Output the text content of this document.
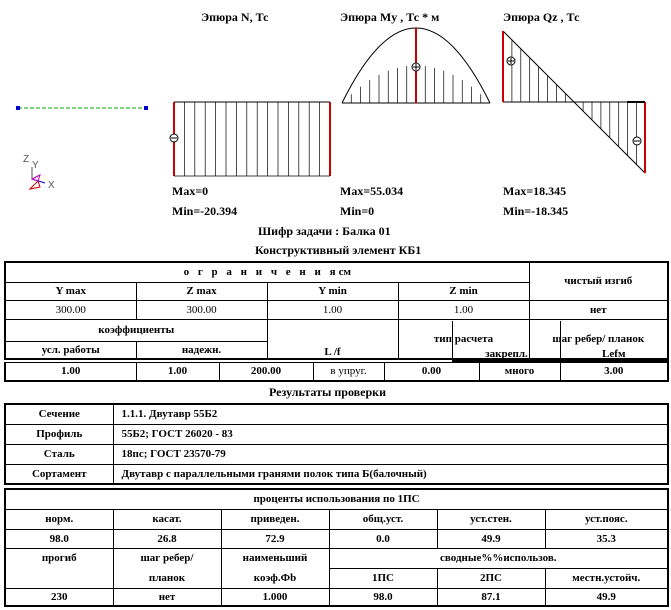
Z
Y
X
Эпюра N, Тс	Эпюра My , Тс * м	Эпюра Qz , Тс
Max=0
Min=-20.394
Max=55.034
Min=0
Max=18.345
Min=-18.345
Шифр задачи : Балка 01
Конструктивный элемент КБ1
о г р а н и ч е н и ясм				чистый изгиб
Y max	Z max	Y min	Z min	
300.00	300.00	1.00	1.00	нет
коэффициенты		L /f	тип расчета	шаг ребер/ планок
усл. работы	надежн.				закрепл.	Lefм
1.00	1.00	200.00	в упруг.	0.00	много	3.00
Результаты проверки
Сечение	1.1.1. Двутавр 55Б2
Профиль	55Б2; ГОСТ 26020 - 83
Сталь	18пс; ГОСТ 23570-79
Сортамент	Двутавр с параллельными гранями полок типа Б(балочный)
проценты использования по 1ПС					
норм.	касат.	приведен.	общ.уст.	уст.стен.	уст.пояс.
98.0	26.8	72.9	0.0	49.9	35.3
прогиб	шаг ребер/	наименьший	сводные%%использов.		
	планок	коэф.Фb	1ПС	2ПС	местн.устойч.
230	нет	1.000	98.0	87.1	49.9
